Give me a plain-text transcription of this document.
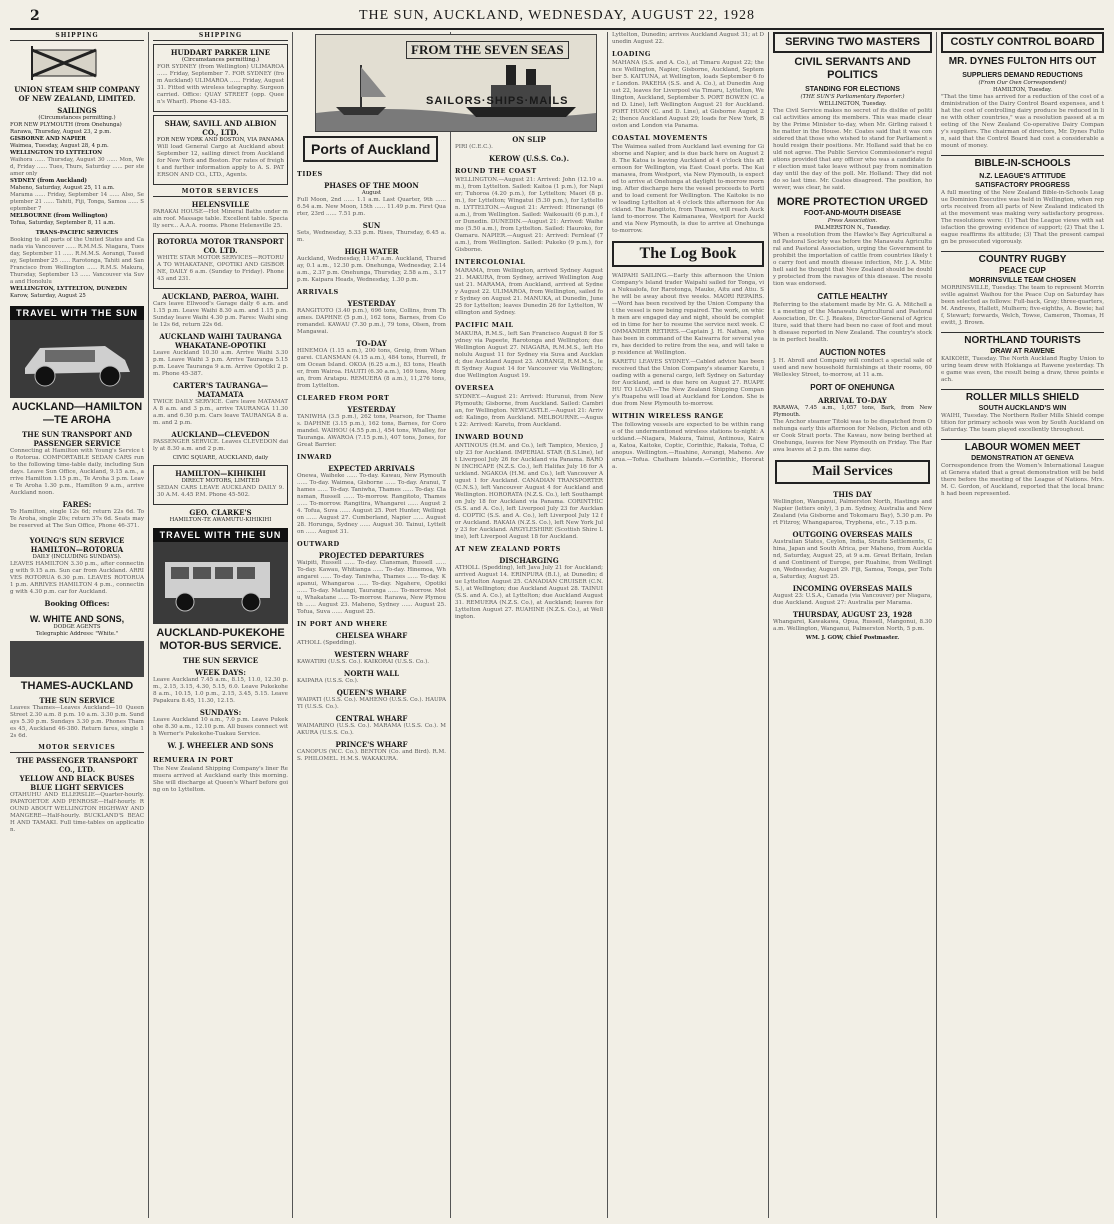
2	THE SUN, AUCKLAND, WEDNESDAY, AUGUST 22, 1928
SHIPPING
UNION STEAM SHIP COMPANY OF NEW ZEALAND, LIMITED.
SAILINGS
(Circumstances permitting.)
FOR NEW PLYMOUTH (from Onehunga)
Rarawa, Thursday, August 23, 2 p.m.
GISBORNE AND NAPIER
Waimea, Tuesday, August 28, 4 p.m.
WELLINGTON TO LYTTELTON
Waihora ...... Thursday, August 30 ...... Mon, Wed, Friday ...... Tues, Thurs, Saturday ...... per steamer only
SYDNEY (from Auckland)
Maheno, Saturday, August 25, 11 a.m.
Marama ...... Friday, September 14 ...... Also, September 21 ...... Tahiti, Fiji, Tonga, Samoa ...... September 7
MELBOURNE (from Wellington)
Tofua, Saturday, September 8, 11 a.m.
TRANS-PACIFIC SERVICES
Booking to all parts of the United States and Canada via Vancouver ...... R.M.M.S. Niagara, Tuesday, September 11 ...... R.M.M.S. Aorangi, Tuesday, September 25 ...... Rarotonga, Tahiti and San Francisco from Wellington ...... R.M.S. Makura, Thursday, September 13 ...... Vancouver via Suva and Honolulu
WELLINGTON, LYTTELTON, DUNEDIN
Karow, Saturday, August 25
TRAVEL WITH THE SUN
AUCKLAND—HAMILTON—TE AROHA
THE SUN TRANSPORT AND PASSENGER SERVICE

Connecting at Hamilton with Young's Service to Rotorua. COMFORTABLE SEDAN CARS run to the following time-table daily, including Sundays. Leave Sun Office, Auckland, 9.15 a.m., arrive Hamilton 1.15 p.m., Te Aroha 3 p.m. Leave Te Aroha 1.30 p.m., Hamilton 9 a.m., arrive Auckland noon.

FARES:

To Hamilton, single 12s 6d; return 22s 6d. To Te Aroha, single 20s; return 37s 6d. Seats may be reserved at The Sun Office, Phone 46-371.

YOUNG'S SUN SERVICE
HAMILTON—ROTORUA
DAILY (INCLUDING SUNDAYS).

LEAVES HAMILTON 3.30 p.m., after connecting with 9.15 a.m. Sun car from Auckland. ARRIVES ROTORUA 6.30 p.m. LEAVES ROTORUA 1 p.m. ARRIVES HAMILTON 4 p.m., connecting with 4.30 p.m. car for Auckland.

Booking Offices:
W. WHITE AND SONS,
DODGE AGENTS
Telegraphic Address: "White."
THAMES-AUCKLAND
THE SUN SERVICE

Leaves Thames—Leaves Auckland—10 Queen Street 2.30 a.m. 8 p.m. 10 a.m. 3.30 p.m. Sundays 5.30 p.m. Sundays 3.30 p.m. Phones Thames 45, Auckland 46-380. Return fares, single 12s 6d.

MOTOR SERVICES
THE PASSENGER TRANSPORT CO., LTD.
YELLOW AND BLACK BUSES
BLUE LIGHT SERVICES

OTAHUHU AND ELLERSLIE—Quarter-hourly. PAPATOETOE AND PENROSE—Half-hourly. ROUND ABOUT WELLINGTON HIGHWAY AND MANGERE—Half-hourly. BUCKLAND'S BEACH AND TAMAKI. Full time-tables on application.

SHIPPING
HUDDART PARKER LINE
(Circumstances permitting.)

FOR SYDNEY (from Wellington) ULIMAROA ...... Friday, September 7. FOR SYDNEY (from Auckland) ULIMAROA ...... Friday, August 31. Fitted with wireless telegraphy. Surgeon carried. Office: QUAY STREET (opp. Queen's Wharf). Phone 43-183.

SHAW, SAVILL AND ALBION CO., LTD.
FOR NEW YORK AND BOSTON, VIA PANAMA

Will load General Cargo at Auckland about September 12, sailing direct from Auckland for New York and Boston. For rates of freight and further information apply to A. S. PATERSON AND CO., LTD., Agents.

MOTOR SERVICES
HELENSVILLE

PARAKAI HOUSE—Hot Mineral Baths under main roof. Massage table. Excellent table. Specially serv... A.A.A. rooms. Phone Helensville 25.

ROTORUA MOTOR TRANSPORT CO. LTD.

WHITE STAR MOTOR SERVICES—ROTORUA TO WHAKATANE, OPOTIKI AND GISBORNE, DAILY 6 a.m. (Sunday to Friday). Phone 43 and 231.

AUCKLAND, PAEROA, WAIHI.

Cars leave Ellwood's Garage daily 6 a.m. and 1.15 p.m. Leave Waihi 8.30 a.m. and 1.15 p.m. Sunday leave Waihi 4.30 p.m. Fares: Waihi single 12s 6d, return 22s 6d.

AUCKLAND WAIHI TAURANGA WHAKATANE-OPOTIKI

Leave Auckland 10.30 a.m. Arrive Waihi 3.30 p.m. Leave Waihi 3 p.m. Arrive Tauranga 5.15 p.m. Leave Tauranga 9 a.m. Arrive Opotiki 2 p.m. Phone 45-387.

CARTER'S TAURANGA—MATAMATA

TWICE DAILY SERVICE. Cars leave MATAMATA 8 a.m. and 3 p.m., arrive TAURANGA 11.30 a.m. and 6.30 p.m. Cars leave TAURANGA 8 a.m. and 2 p.m.

AUCKLAND—CLEVEDON

PASSENGER SERVICE. Leaves CLEVEDON daily at 8.30 a.m. and 2 p.m.

CIVIC SQUARE, AUCKLAND, daily
HAMILTON—KIHIKIHI
DIRECT MOTORS, LIMITED

SEDAN CARS LEAVE AUCKLAND DAILY 9.30 A.M. 4.45 P.M. Phone 45-502.

GEO. CLARKE'S
HAMILTON-TE AWAMUTU-KIHIKIHI
TRAVEL WITH THE SUN
AUCKLAND-PUKEKOHE MOTOR-BUS SERVICE.
THE SUN SERVICE
WEEK DAYS:

Leave Auckland 7.45 a.m., 8.15, 11.0, 12.30 p.m., 2.15, 3.15, 4.30, 5.15, 6.0. Leave Pukekohe 8 a.m., 10.15, 1.0 p.m., 2.15, 3.45, 5.15. Leave Papakura 8.45, 11.30, 12.15.

SUNDAYS:

Leave Auckland 10 a.m., 7.0 p.m. Leave Pukekohe 8.30 a.m., 12.10 p.m. All buses connect with Werner's Pukekohe-Tuakau Service.

W. J. WHEELER AND SONS
REMUERA IN PORT

The New Zealand Shipping Company's liner Remuera arrived at Auckland early this morning. She will discharge at Queen's Wharf before going on to Lyttelton.

FROM THE SEVEN SEAS
SAILORS·SHIPS·MAILS
Ports of Auckland
TIDES
PHASES OF THE MOON
August

Full Moon, 2nd ...... 1.1 a.m. Last Quarter, 9th ...... 6.54 a.m. New Moon, 15th ...... 11.49 p.m. First Quarter, 23rd ...... 7.51 p.m.

SUN

Sets, Wednesday, 5.33 p.m. Rises, Thursday, 6.45 a.m.

HIGH WATER

Auckland, Wednesday, 11.47 a.m. Auckland, Thursday, 0.1 a.m., 12.30 p.m. Onehunga, Wednesday, 2.14 a.m., 2.37 p.m. Onehunga, Thursday, 2.58 a.m., 3.17 p.m. Kaipara Heads, Wednesday, 1.30 p.m.

ARRIVALS
YESTERDAY

RANGITOTO (3.40 p.m.), 696 tons, Collins, from Thames. DAPHNE (5 p.m.), 162 tons, Barnes, from Coromandel. KAWAU (7.30 p.m.), 79 tons, Olsen, from Mangawai.

TO-DAY

HINEMOA (1.15 a.m.), 200 tons, Greig, from Whangarei. CLANSMAN (4.15 a.m.), 484 tons, Hurrell, from Ocean Island. OKOA (6.25 a.m.), 83 tons, Heather, from Wairoa. HAUITI (6.30 a.m.), 169 tons, Morgan, from Aratapu. REMUERA (8 a.m.), 11,276 tons, from Lyttelton.

CLEARED FROM PORT
YESTERDAY

TANIWHA (3.5 p.m.), 262 tons, Pearson, for Thames. DAPHNE (3.15 p.m.), 162 tons, Barnes, for Coromandel. WAIHOU (4.55 p.m.), 454 tons, Whalley, for Tauranga. AWAROA (7.15 p.m.), 407 tons, Jones, for Great Barrier.

INWARD
EXPECTED ARRIVALS

Onewa, Waiheke ...... To-day. Kawau, New Plymouth ...... To-day. Waimea, Gisborne ...... To-day. Aranui, Thames ...... To-day. Taniwha, Thames ...... To-day. Clansman, Russell ...... To-morrow. Rangitoto, Thames ...... To-morrow. Rangitira, Whangarei ...... August 24. Tofua, Suva ...... August 25. Port Hunter, Wellington ...... August 27. Cumberland, Napier ...... August 28. Horunga, Sydney ...... August 30. Tainui, Lyttelton ...... August 31.

OUTWARD
PROJECTED DEPARTURES

Waipiti, Russell ...... To-day. Clansman, Russell ...... To-day. Kawau, Whitianga ...... To-day. Hinemoa, Whangarei ...... To-day. Taniwha, Thames ...... To-day. Kapanui, Whangaroa ...... To-day. Ngahere, Opotiki ...... To-day. Matangi, Tauranga ...... To-morrow. Motu, Whakatane ...... To-morrow. Rarawa, New Plymouth ...... August 23. Maheno, Sydney ...... August 25. Tofua, Suva ...... August 25.

IN PORT AND WHERE
CHELSEA WHARF

ATHOLL (Spedding).

WESTERN WHARF

KAWATIRI (U.S.S. Co.). KAIKORAI (U.S.S. Co.).

NORTH WALL

KAIPARA (U.S.S. Co.).

QUEEN'S WHARF

WAIPATI (U.S.S. Co.). MAHENO (U.S.S. Co.). HAUPATI (U.S.S. Co.).

CENTRAL WHARF

WAIMARINO (U.S.S. Co.). MARAMA (U.S.S. Co.). MAKURA (U.S.S. Co.).

PRINCE'S WHARF

CANOPUS (W.C. Co.). BENTON (Co. and Bird). R.M.S. PHILOMEL. H.M.S. WAKAKURA.

ON SLIP

PIRI (C.E.C.).

KEROW (U.S.S. Co.).
ROUND THE COAST

WELLINGTON.—August 21: Arrived: John (12.10 a.m.), from Lyttelton. Sailed: Kaitoa (1 p.m.), for Napier; Tuhoroa (4.20 p.m.), for Lyttelton; Maori (8 p.m.), for Lyttelton; Wingatui (5.30 p.m.), for Lyttelton. LYTTELTON.—August 21: Arrived: Hinerangi (6 a.m.), from Wellington. Sailed: Waikouaiti (6 p.m.), for Dunedin. DUNEDIN.—August 21: Arrived: Waihemo (5.50 a.m.), from Lyttelton. Sailed: Hauroko, for Oamaru. NAPIER.—August 21: Arrived: Fernleaf (7 a.m.), from Wellington. Sailed: Pukeko (9 p.m.), for Gisborne.

INTERCOLONIAL

MARAMA, from Wellington, arrived Sydney August 21. MAKURA, from Sydney, arrived Wellington August 21. MARAMA, from Auckland, arrived at Sydney August 22. ULIMAROA, from Wellington, sailed for Sydney on August 21. MANUKA, at Dunedin, June 25 for Lyttelton; leaves Dunedin 26 for Lyttelton, Wellington and Sydney.

PACIFIC MAIL

MAKURA, R.M.S., left San Francisco August 8 for Sydney via Papeete, Rarotonga and Wellington; due Wellington August 27. NIAGARA, R.M.M.S., left Honolulu August 11 for Sydney via Suva and Auckland; due Auckland August 23. AORANGI, R.M.M.S., left Sydney August 14 for Vancouver via Wellington; due Wellington August 19.

OVERSEA

SYDNEY.—August 21: Arrived: Hurunui, from New Plymouth; Gisborne, from Auckland. Sailed: Cambrian, for Wellington. NEWCASTLE.—August 21: Arrived: Kalingo, from Auckland. MELBOURNE.—August 22: Arrived: Karetu, from Auckland.

INWARD BOUND

ANTINOUS (H.M. and Co.), left Tampico, Mexico, July 23 for Auckland. IMPERIAL STAR (B.S.Line), left Liverpool July 26 for Auckland via Panama. BARON INCHCAPE (N.Z.S. Co.), left Halifax July 16 for Auckland. NGAKOA (H.M. and Co.), left Vancouver August 1 for Auckland. CANADIAN TRANSPORTER (C.N.S.), left Vancouver August 4 for Auckland and Wellington. HORORATA (N.Z.S. Co.), left Southampton July 18 for Auckland via Panama. CORINTHIC (S.S. and A. Co.), left Liverpool July 23 for Auckland. COPTIC (S.S. and A. Co.), left Liverpool July 12 for Auckland. RAKAIA (N.Z.S. Co.), left New York July 23 for Auckland. ARGYLESHIRE (Scottish Shire Line), left Liverpool August 18 for Auckland.

AT NEW ZEALAND PORTS
DISCHARGING

ATHOLL (Spedding), left Java July 21 for Auckland; arrived August 14. ERINPURA (B.I.), at Dunedin; due Lyttelton August 25. CANADIAN CRUISER (C.N.S.), at Wellington; due Auckland August 28. TAINUI (S.S. and A. Co.), at Lyttelton; due Auckland August 31. REMUERA (N.Z.S. Co.), at Auckland; leaves for Lyttelton August 27. RUAHINE (N.Z.S. Co.), at Wellington.

Lyttelton, Dunedin; arrives Auckland August 31; at Dunedin August 22.

LOADING

MAHANA (S.S. and A. Co.), at Timaru August 22; thence Wellington, Napier, Gisborne, Auckland, September 5. KAITUNA, at Wellington, loads September 6 for London. PAKEHA (S.S. and A. Co.), at Dunedin August 22, leaves for Liverpool via Timaru, Lyttelton, Wellington, Auckland, September 5. PORT BOWEN (C. and D. Line), left Wellington August 21 for Auckland. PORT HUON (C. and D. Line), at Gisborne August 22; thence Auckland August 29; loads for New York, Boston and London via Panama.

COASTAL MOVEMENTS

The Waimea sailed from Auckland last evening for Gisborne and Napier, and is due back here on August 28. The Katoa is leaving Auckland at 4 o'clock this afternoon for Wellington, via East Coast ports. The Kaimanawa, from Westport, via New Plymouth, is expected to arrive at Onehunga at daylight to-morrow morning. After discharge here the vessel proceeds to Portland to load cement for Wellington. The Kaitoke is now loading Lyttelton at 4 o'clock this afternoon for Auckland. The Rangitoto, from Thames, will reach Auckland to-morrow. The Kaimanawa, Westport for Auckland via New Plymouth, is due to arrive at Onehunga to-morrow.

The Log Book

WAIPAHI SAILING.—Early this afternoon the Union Company's Island trader Waipahi sailed for Tonga, via Nukualofa, for Rarotonga, Mauke, Aitu and Atiu. She will be away about five weeks. MAORI REPAIRS.—Word has been received by the Union Company that the vessel is now being repaired. The work, on which men are engaged day and night, should be completed in time for her to resume the service next week. COMMANDER RETIRES.—Captain J. H. Nathan, who has been in command of the Kaiwarra for several years, has decided to retire from the sea, and will take up residence at Wellington.

KARETU LEAVES SYDNEY.—Cabled advice has been received that the Union Company's steamer Karetu, loading with a general cargo, left Sydney on Saturday for Auckland, and is due here on August 27. RUAPEHU TO LOAD.—The New Zealand Shipping Company's Ruapehu will load at Auckland for London. She is due from New Plymouth to-morrow.

WITHIN WIRELESS RANGE

The following vessels are expected to be within range of the undermentioned wireless stations to-night: Auckland.—Niagara, Makura, Tainui, Antinous, Kairua, Katoa, Kaitoke, Coptic, Corinthic, Rakaia, Tofua, Canopus. Wellington.—Ruahine, Aorangi, Maheno. Awarua.—Tofua. Chatham Islands.—Corinthic, Hororata.

SERVING TWO MASTERS
CIVIL SERVANTS AND POLITICS
STANDING FOR ELECTIONS
(THE SUN'S Parliamentary Reporter.)
WELLINGTON, Tuesday.

The Civil Service makes no secret of its dislike of political activities among its members. This was made clear by the Prime Minister to-day, when Mr. Girling raised the matter in the House. Mr. Coates said that it was considered that those who wished to stand for Parliament should resign their positions. Mr. Holland said that he could not agree. The Public Service Commissioner's regulations provided that any officer who was a candidate for election must take leave without pay from nomination day until the day of the poll. Mr. Holland: They did not do so last time. Mr. Coates disagreed. The position, however, was clear, he said.

MORE PROTECTION URGED
FOOT-AND-MOUTH DISEASE
Press Association.
PALMERSTON N., Tuesday.

When a resolution from the Hawke's Bay Agricultural and Pastoral Society was before the Manawatu Agricultural and Pastoral Association, urging the Government to prohibit the importation of cattle from countries likely to carry foot and mouth disease infection, Mr. J. A. Mitchell said he thought that New Zealand should be doubly protected from the ravages of this disease. The resolution was endorsed.

CATTLE HEALTHY

Referring to the statement made by Mr. G. A. Mitchell at a meeting of the Manawatu Agricultural and Pastoral Association, Dr. C. J. Reakes, Director-General of Agriculture, said that there had been no case of foot and mouth disease reported in New Zealand. The country's stock is in perfect health.

AUCTION NOTES

J. H. Abroll and Company will conduct a special sale of used and new household furnishings at their rooms, 60 Wellesley Street, to-morrow, at 11 a.m.

PORT OF ONEHUNGA
ARRIVAL TO-DAY
RARAWA, 7.45 a.m., 1,057 tons, Bark, from New Plymouth.

The Anchor steamer Titoki was to be dispatched from Onehunga early this afternoon for Nelson, Picton and other Cook Strait ports. The Kawau, now being berthed at Onehunga, leaves for New Plymouth on Friday. The Rarawa leaves at 2 p.m. the same day.

Mail Services
THIS DAY

Wellington, Wanganui, Palmerston North, Hastings and Napier (letters only), 3 p.m. Sydney, Australia and New Zealand (via Gisborne and Tokomaru Bay), 5.30 p.m. Port Fitzroy, Whangaparoa, Tryphena, etc., 7.15 p.m.

OUTGOING OVERSEAS MAILS

Australian States, Ceylon, India, Straits Settlements, China, Japan and South Africa, per Maheno, from Auckland, Saturday, August 25, at 9 a.m. Great Britain, Ireland and Continent of Europe, per Ruahine, from Wellington, Wednesday, August 29. Fiji, Samoa, Tonga, per Tofua, Saturday, August 25.

INCOMING OVERSEAS MAILS

August 23: U.S.A., Canada (via Vancouver) per Niagara, due Auckland. August 27: Australia per Marama.

THURSDAY, AUGUST 23, 1928

Whangarei, Kawakawa, Opua, Russell, Mangonui, 8.30 a.m. Wellington, Wanganui, Palmerston North, 5 p.m.

WM. J. GOW, Chief Postmaster.
COSTLY CONTROL BOARD
MR. DYNES FULTON HITS OUT
SUPPLIERS DEMAND REDUCTIONS
(From Our Own Correspondent)
HAMILTON, Tuesday.

"That the time has arrived for a reduction of the cost of administration of the Dairy Control Board expenses, and that the cost of controlling dairy produce be reduced in line with other countries," was a resolution passed at a meeting of the New Zealand Co-operative Dairy Company's suppliers. The chairman of directors, Mr. Dynes Fulton, said that the Control Board had cost a considerable amount of money.

BIBLE-IN-SCHOOLS
N.Z. LEAGUE'S ATTITUDE
SATISFACTORY PROGRESS

A full meeting of the New Zealand Bible-in-Schools League Dominion Executive was held in Wellington, when reports received from all parts of New Zealand indicated that the movement was making very satisfactory progress. The resolutions were: (1) That the League views with satisfaction the growing evidence of support; (2) That the League reaffirms its attitude; (3) That the present campaign be prosecuted vigorously.

COUNTRY RUGBY
PEACE CUP
MORRINSVILLE TEAM CHOSEN

MORRINSVILLE, Tuesday. The team to represent Morrinsville against Waihou for the Peace Cup on Saturday has been selected as follows: Full-back, Gray; three-quarters, M. Andrews, Hallett, Mulhern; five-eighths, A. Bowie; half, Stewart; forwards, Welch, Towse, Cameron, Thomas, Hewitt, J. Brown.

NORTHLAND TOURISTS
DRAW AT RAWENE

KAIKOHE, Tuesday. The North Auckland Rugby Union touring team drew with Hokianga at Rawene yesterday. The game was even, the result being a draw, three points each.

ROLLER MILLS SHIELD
SOUTH AUCKLAND'S WIN

WAIHI, Tuesday. The Northern Roller Mills Shield competition for primary schools was won by South Auckland on Saturday. The team played excellently throughout.

LABOUR WOMEN MEET
DEMONSTRATION AT GENEVA

Correspondence from the Women's International League at Geneva stated that a great demonstration will be held there before the meeting of the League of Nations. Mrs. M. C. Gordon, of Auckland, reported that the local branch had been represented.
